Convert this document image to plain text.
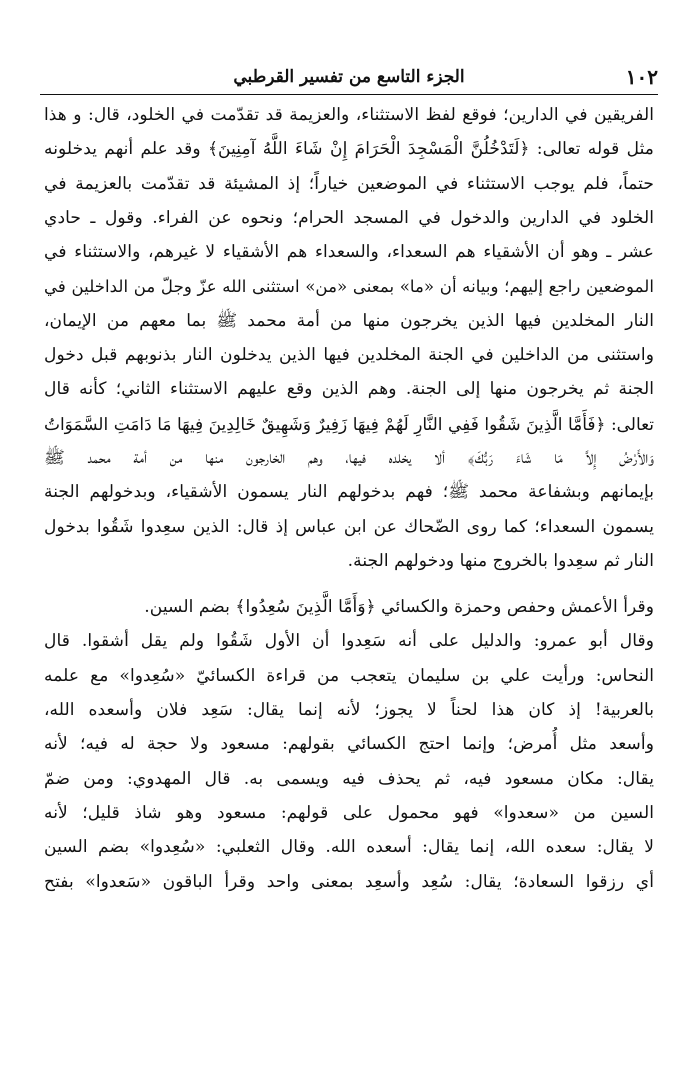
١٠٢
الجزء التاسع من تفسير القرطبي
الفريقين في الدارين؛ فوقع لفظ الاستثناء، والعزيمة قد تقدّمت في الخلود، قال: و هذا
مثل قوله تعالى: ﴿لَتَدْخُلُنَّ الْمَسْجِدَ الْحَرَامَ إِنْ شَاءَ اللَّهُ آمِنِينَ﴾ وقد علم أنهم يدخلونه
حتماً، فلم يوجب الاستثناء في الموضعين خياراً؛ إذ المشيئة قد تقدّمت بالعزيمة في
الخلود في الدارين والدخول في المسجد الحرام؛ ونحوه عن الفراء. وقول ـ حادي
عشر ـ وهو أن الأشقياء هم السعداء، والسعداء هم الأشقياء لا غيرهم، والاستثناء في
الموضعين راجع إليهم؛ وبيانه أن «ما» بمعنى «من» استثنى الله عزّ وجلّ من الداخلين في
النار المخلدين فيها الذين يخرجون منها من أمة محمد ﷺ بما معهم من الإيمان،
واستثنى من الداخلين في الجنة المخلدين فيها الذين يدخلون النار بذنوبهم قبل دخول
الجنة ثم يخرجون منها إلى الجنة. وهم الذين وقع عليهم الاستثناء الثاني؛ كأنه قال
تعالى: ﴿فَأَمَّا الَّذِينَ شَقُوا فَفِي النَّارِ لَهُمْ فِيهَا زَفِيرٌ وَشَهِيقٌ خَالِدِينَ فِيهَا مَا دَامَتِ السَّمَوَاتُ
وَالأَرْضُ إِلاَّ مَا شَاءَ رَبُّكَ﴾ ألا يخلده فيها، وهم الخارجون منها من أمة محمد ﷺ
بإيمانهم وبشفاعة محمد ﷺ؛ فهم بدخولهم النار يسمون الأشقياء، وبدخولهم الجنة
يسمون السعداء؛ كما روى الضّحاك عن ابن عباس إذ قال: الذين سعِدوا شَقُوا بدخول
النار ثم سعِدوا بالخروج منها ودخولهم الجنة.
وقرأ الأعمش وحفص وحمزة والكسائي ﴿وَأَمَّا الَّذِينَ سُعِدُوا﴾ بضم السين.
وقال أبو عمرو: والدليل على أنه سَعِدوا أن الأول شَقُوا ولم يقل أشقوا. قال
النحاس: ورأيت علي بن سليمان يتعجب من قراءة الكسائيّ «سُعِدوا» مع علمه
بالعربية! إذ كان هذا لحناً لا يجوز؛ لأنه إنما يقال: سَعِد فلان وأسعده الله،
وأسعد مثل أُمرض؛ وإنما احتج الكسائي بقولهم: مسعود ولا حجة له فيه؛ لأنه
يقال: مكان مسعود فيه، ثم يحذف فيه ويسمى به. قال المهدوي: ومن ضمّ
السين من «سعدوا» فهو محمول على قولهم: مسعود وهو شاذ قليل؛ لأنه
لا يقال: سعده الله، إنما يقال: أسعده الله. وقال الثعلبي: «سُعِدوا» بضم السين
أي رزقوا السعادة؛ يقال: سُعِد وأسعِد بمعنى واحد وقرأ الباقون «سَعدوا» بفتح
